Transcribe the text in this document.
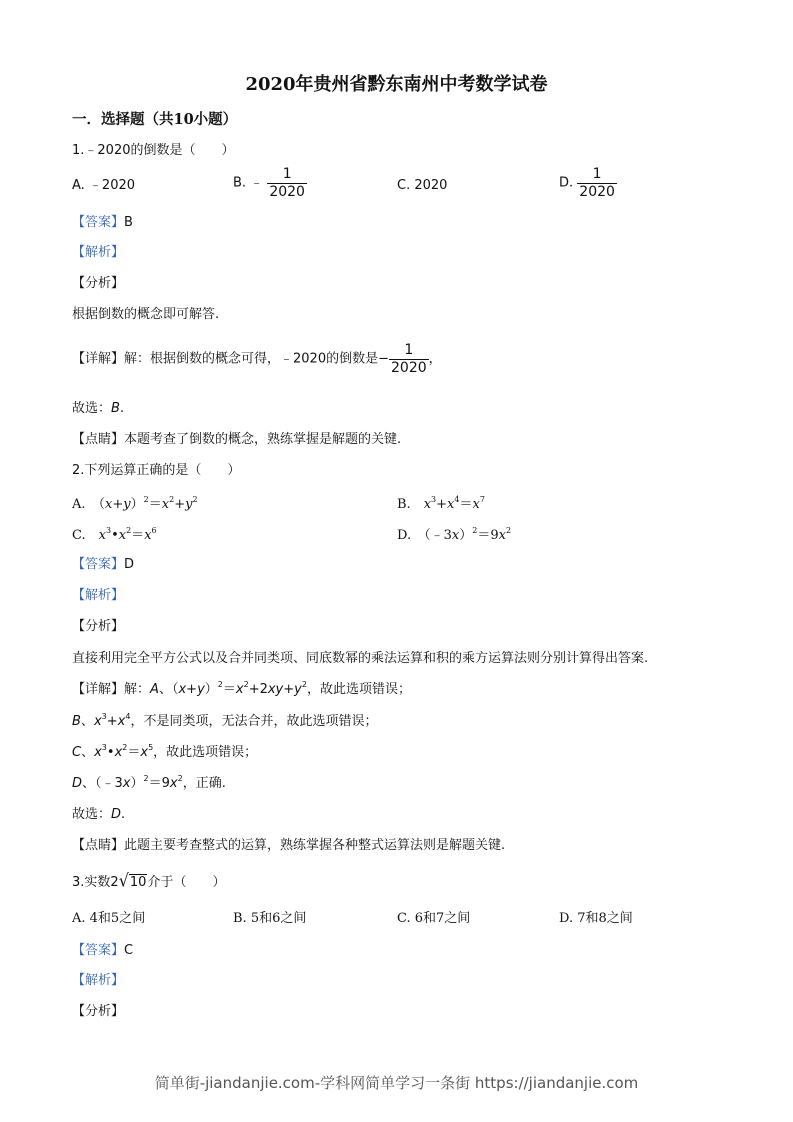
2020年贵州省黔东南州中考数学试卷
一．选择题（共10小题）
1.﹣2020的倒数是（　　）
A. ﹣2020	B. ﹣ $\frac{1}{2020}$	C. 2020	D. $\frac{1}{2020}$
【答案】B
【解析】
【分析】
根据倒数的概念即可解答.
【详解】解：根据倒数的概念可得，﹣2020的倒数是− $\frac{1}{2020}$ ，
故选：B.
【点睛】本题考查了倒数的概念，熟练掌握是解题的关键.
2.下列运算正确的是（　　）
A.　$(x+y)^2=x^2+y^2$	B.　$x^3+x^4=x^7$
C.　$x^3•x^2=x^6$	D.　$(﹣3x)^2=9x^2$
【答案】D
【解析】
【分析】
直接利用完全平方公式以及合并同类项、同底数幂的乘法运算和积的乘方运算法则分别计算得出答案.
【详解】解：A、$(x+y)^2=x^2+2xy+y^2$，故此选项错误；
B、$x^3+x^4$，不是同类项，无法合并，故此选项错误；
C、$x^3•x^2=x^5$，故此选项错误；
D、$(﹣3x)^2=9x^2$，正确.
故选：D.
【点睛】此题主要考查整式的运算，熟练掌握各种整式运算法则是解题关键.
3.实数2√10介于（　　）
A. 4和5之间	B. 5和6之间	C. 6和7之间	D. 7和8之间
【答案】C
【解析】
【分析】
简单街-jiandanjie.com-学科网简单学习一条街 https://jiandanjie.com
